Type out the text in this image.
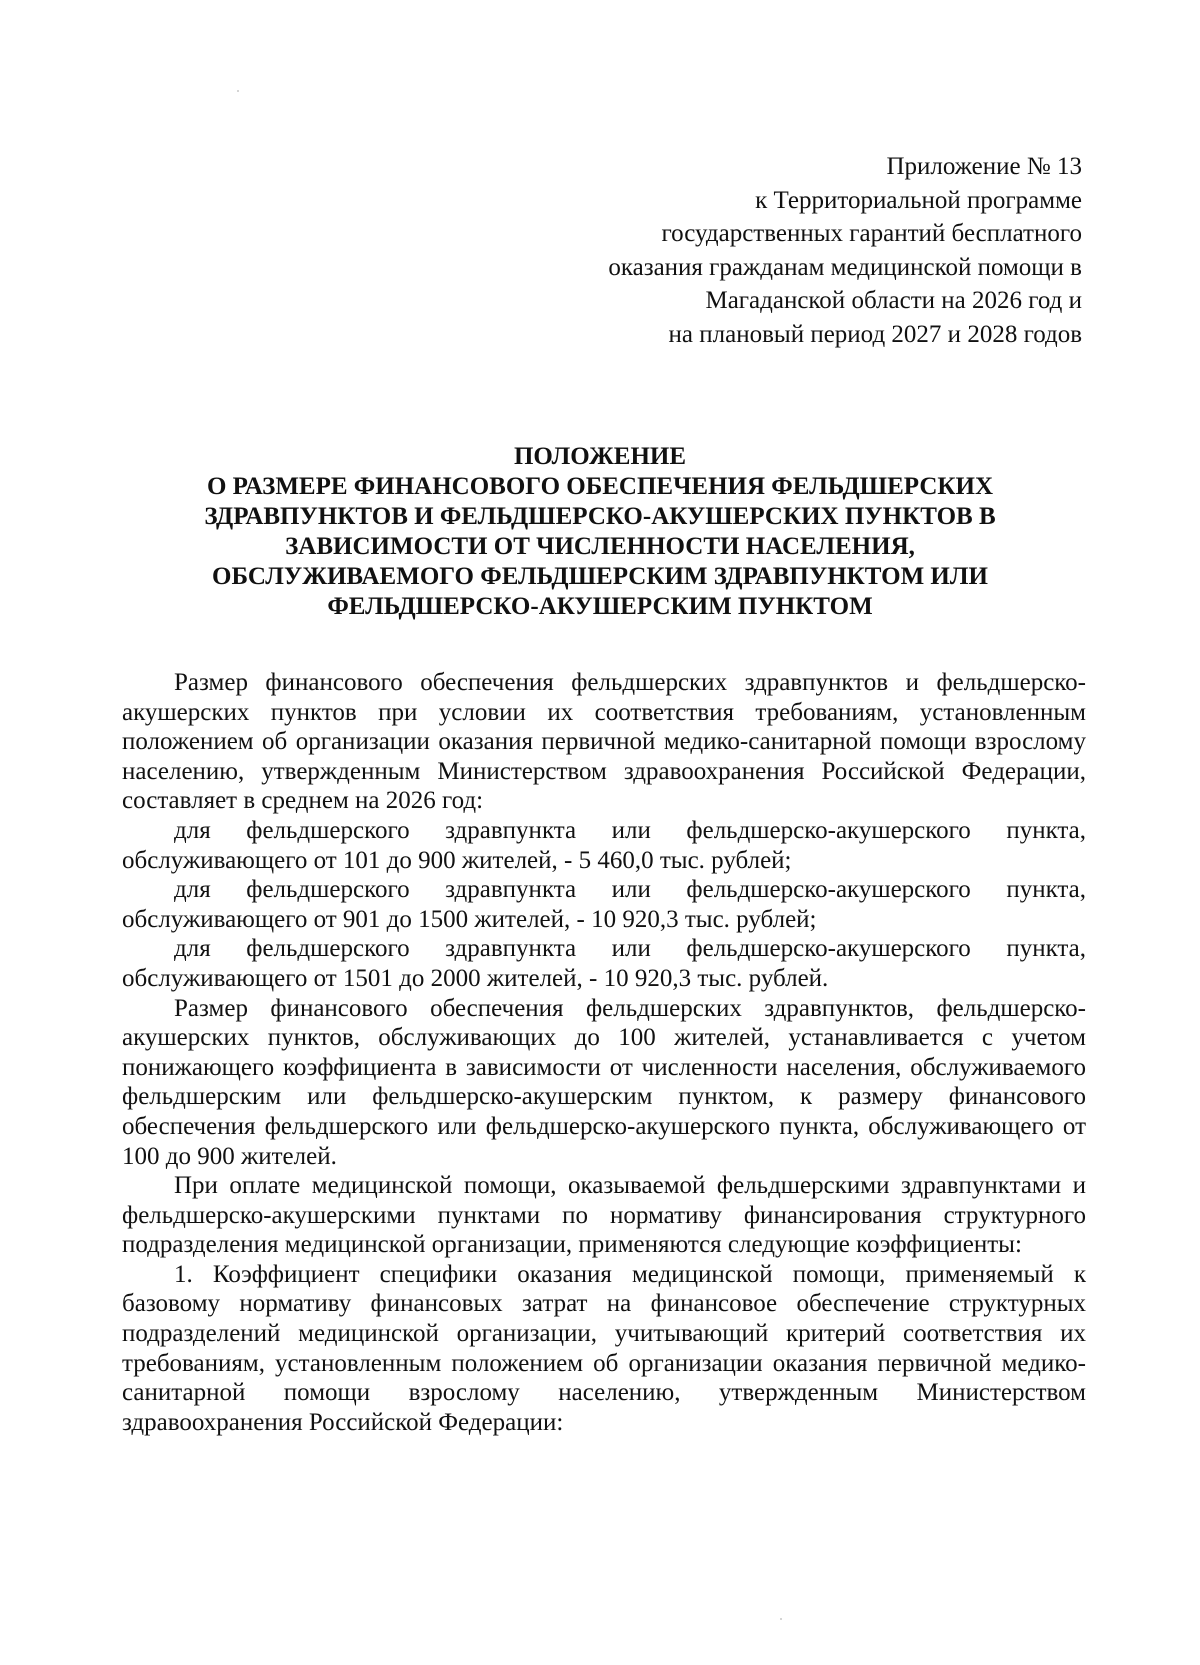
Приложение № 13
к Территориальной программе
государственных гарантий бесплатного
оказания гражданам медицинской помощи в
Магаданской области на 2026 год и
на плановый период 2027 и 2028 годов
ПОЛОЖЕНИЕ
О РАЗМЕРЕ ФИНАНСОВОГО ОБЕСПЕЧЕНИЯ ФЕЛЬДШЕРСКИХ
ЗДРАВПУНКТОВ И ФЕЛЬДШЕРСКО-АКУШЕРСКИХ ПУНКТОВ В
ЗАВИСИМОСТИ ОТ ЧИСЛЕННОСТИ НАСЕЛЕНИЯ,
ОБСЛУЖИВАЕМОГО ФЕЛЬДШЕРСКИМ ЗДРАВПУНКТОМ ИЛИ
ФЕЛЬДШЕРСКО-АКУШЕРСКИМ ПУНКТОМ

Размер финансового обеспечения фельдшерских здравпунктов и фельдшерско-акушерских пунктов при условии их соответствия требованиям, установленным положением об организации оказания первичной медико-санитарной помощи взрослому населению, утвержденным Министерством здравоохранения Российской Федерации, составляет в среднем на 2026 год:

для фельдшерского здравпункта или фельдшерско-акушерского пункта, обслуживающего от 101 до 900 жителей, - 5 460,0 тыс. рублей;

для фельдшерского здравпункта или фельдшерско-акушерского пункта, обслуживающего от 901 до 1500 жителей, - 10 920,3 тыс. рублей;

для фельдшерского здравпункта или фельдшерско-акушерского пункта, обслуживающего от 1501 до 2000 жителей, - 10 920,3 тыс. рублей.

Размер финансового обеспечения фельдшерских здравпунктов, фельдшерско-акушерских пунктов, обслуживающих до 100 жителей, устанавливается с учетом понижающего коэффициента в зависимости от численности населения, обслуживаемого фельдшерским или фельдшерско-акушерским пунктом, к размеру финансового обеспечения фельдшерского или фельдшерско-акушерского пункта, обслуживающего от 100 до 900 жителей.

При оплате медицинской помощи, оказываемой фельдшерскими здравпунктами и фельдшерско-акушерскими пунктами по нормативу финансирования структурного подразделения медицинской организации, применяются следующие коэффициенты:

1. Коэффициент специфики оказания медицинской помощи, применяемый к базовому нормативу финансовых затрат на финансовое обеспечение структурных подразделений медицинской организации, учитывающий критерий соответствия их требованиям, установленным положением об организации оказания первичной медико-санитарной помощи взрослому населению, утвержденным Министерством здравоохранения Российской Федерации:
